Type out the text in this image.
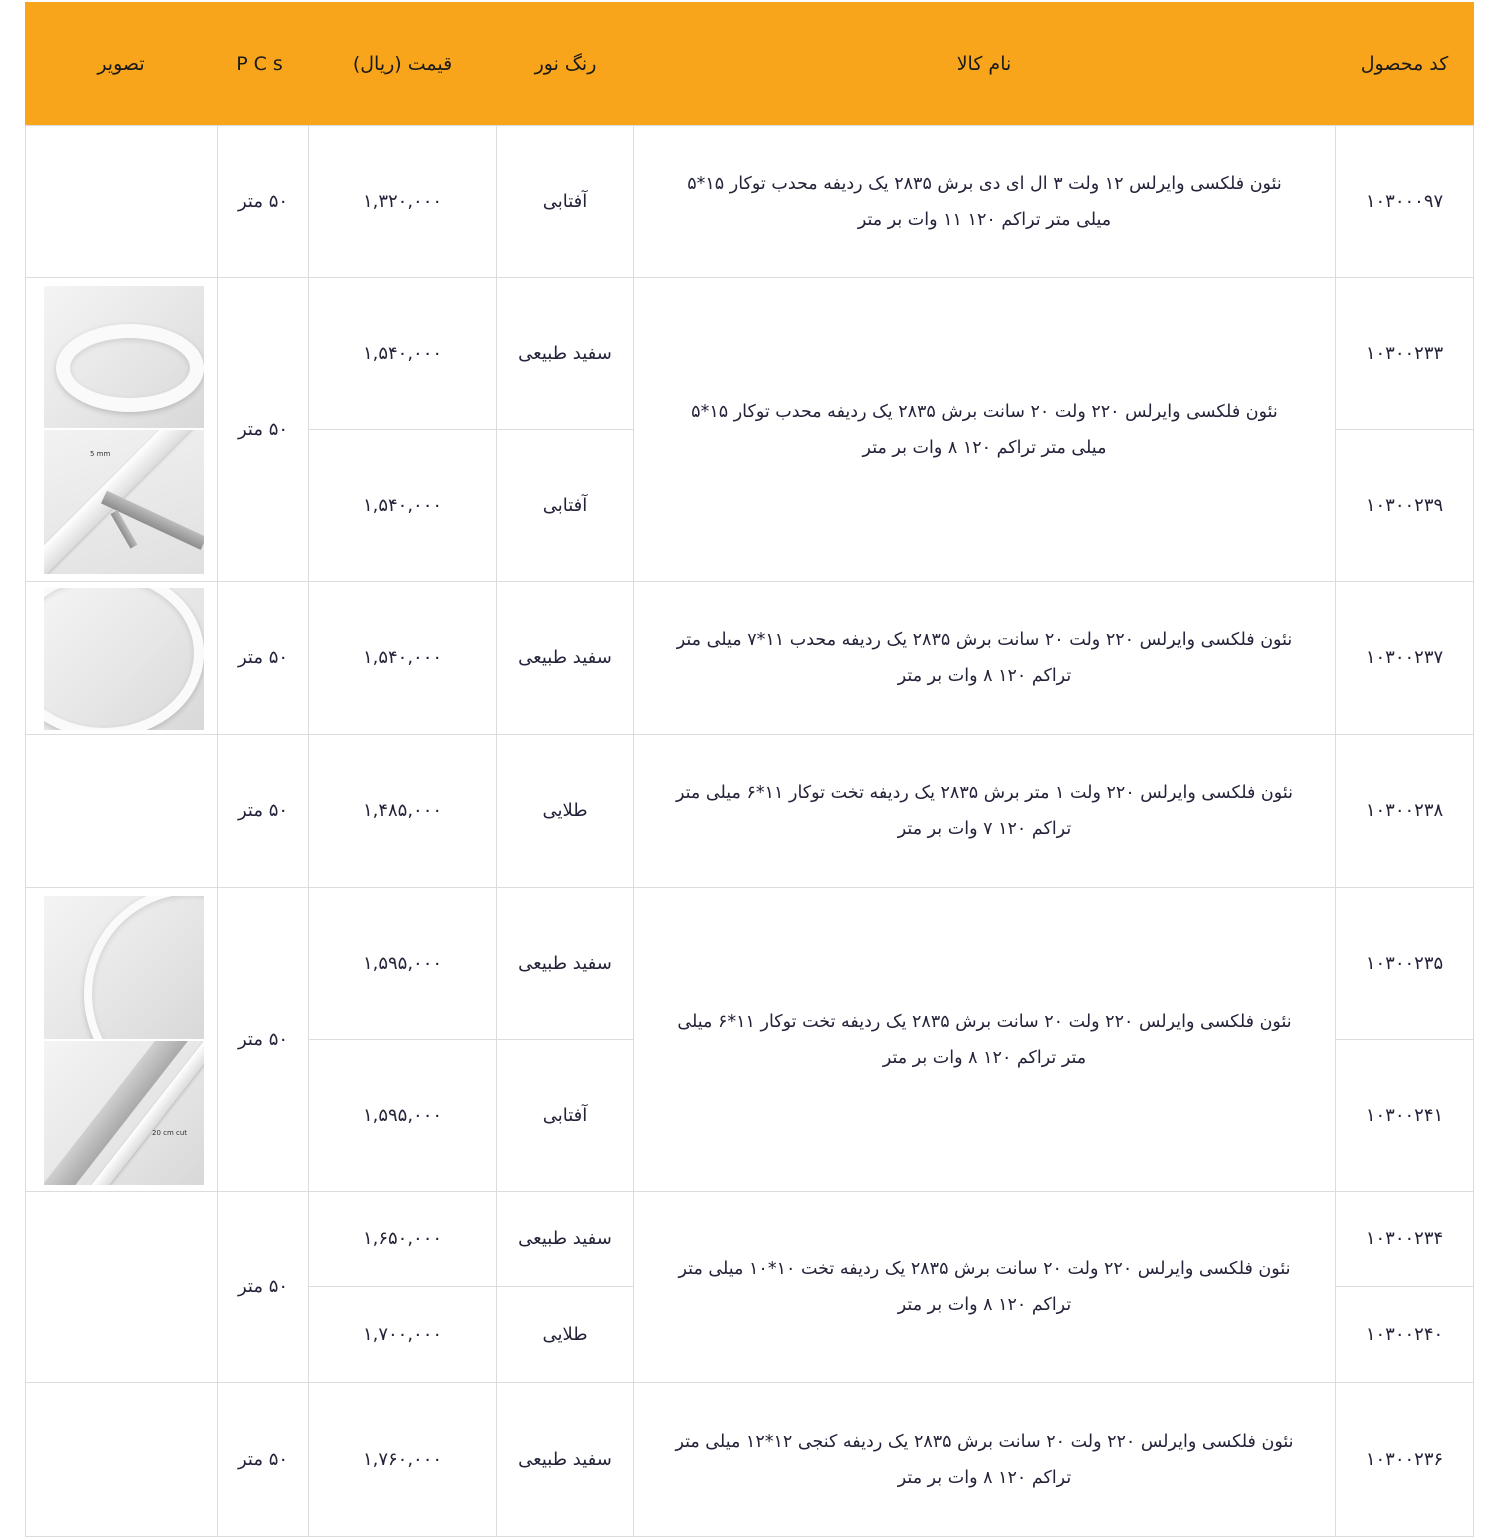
کد محصول
نام کالا
رنگ نور
قیمت (ریال)
PCs
تصویر
۱۰۳۰۰۰۹۷
نئون فلکسی وایرلس ۱۲ ولت ۳ ال ای دی برش ۲۸۳۵ یک ردیفه محدب توکار ۱۵*۵ میلی متر تراکم ۱۲۰ ۱۱ وات بر متر
آفتابی
۱,۳۲۰,۰۰۰
۵۰ متر
۱۰۳۰۰۲۳۳
۱۰۳۰۰۲۳۹
نئون فلکسی وایرلس ۲۲۰ ولت ۲۰ سانت برش ۲۸۳۵ یک ردیفه محدب توکار ۱۵*۵ میلی متر تراکم ۱۲۰ ۸ وات بر متر
سفید طبیعی
آفتابی
۱,۵۴۰,۰۰۰
۱,۵۴۰,۰۰۰
۵۰ متر
5 mm
۱۰۳۰۰۲۳۷
نئون فلکسی وایرلس ۲۲۰ ولت ۲۰ سانت برش ۲۸۳۵ یک ردیفه محدب ۱۱*۷ میلی متر تراکم ۱۲۰ ۸ وات بر متر
سفید طبیعی
۱,۵۴۰,۰۰۰
۵۰ متر
۱۰۳۰۰۲۳۸
نئون فلکسی وایرلس ۲۲۰ ولت ۱ متر برش ۲۸۳۵ یک ردیفه تخت توکار ۱۱*۶ میلی متر تراکم ۱۲۰ ۷ وات بر متر
طلایی
۱,۴۸۵,۰۰۰
۵۰ متر
۱۰۳۰۰۲۳۵
۱۰۳۰۰۲۴۱
نئون فلکسی وایرلس ۲۲۰ ولت ۲۰ سانت برش ۲۸۳۵ یک ردیفه تخت توکار ۱۱*۶ میلی متر تراکم ۱۲۰ ۸ وات بر متر
سفید طبیعی
آفتابی
۱,۵۹۵,۰۰۰
۱,۵۹۵,۰۰۰
۵۰ متر
20 cm cut
۱۰۳۰۰۲۳۴
۱۰۳۰۰۲۴۰
نئون فلکسی وایرلس ۲۲۰ ولت ۲۰ سانت برش ۲۸۳۵ یک ردیفه تخت ۱۰*۱۰ میلی متر تراکم ۱۲۰ ۸ وات بر متر
سفید طبیعی
طلایی
۱,۶۵۰,۰۰۰
۱,۷۰۰,۰۰۰
۵۰ متر
۱۰۳۰۰۲۳۶
نئون فلکسی وایرلس ۲۲۰ ولت ۲۰ سانت برش ۲۸۳۵ یک ردیفه کنجی ۱۲*۱۲ میلی متر تراکم ۱۲۰ ۸ وات بر متر
سفید طبیعی
۱,۷۶۰,۰۰۰
۵۰ متر
